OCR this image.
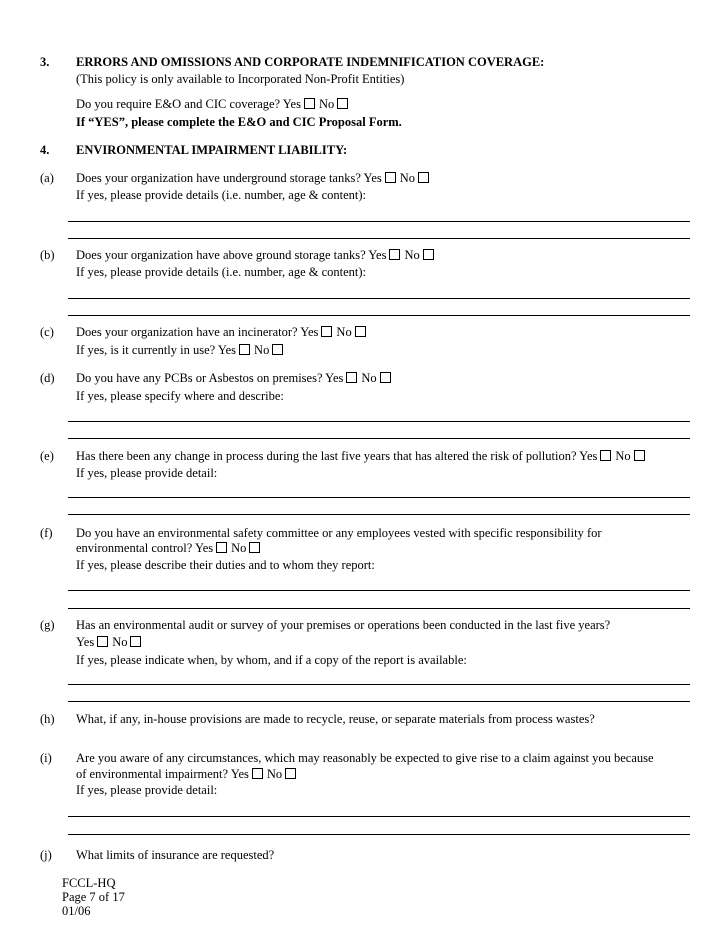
3. ERRORS AND OMISSIONS AND CORPORATE INDEMNIFICATION COVERAGE:
(This policy is only available to Incorporated Non-Profit Entities)
Do you require E&O and CIC coverage? Yes No
If “YES”, please complete the E&O and CIC Proposal Form.
4. ENVIRONMENTAL IMPAIRMENT LIABILITY:
(a) Does your organization have underground storage tanks? Yes No
If yes, please provide details (i.e. number, age & content):
(b) Does your organization have above ground storage tanks? Yes No
If yes, please provide details (i.e. number, age & content):
(c) Does your organization have an incinerator? Yes No
If yes, is it currently in use? Yes No
(d) Do you have any PCBs or Asbestos on premises? Yes No
If yes, please specify where and describe:
(e) Has there been any change in process during the last five years that has altered the risk of pollution? Yes No
If yes, please provide detail:
(f) Do you have an environmental safety committee or any employees vested with specific responsibility for
environmental control? Yes No
If yes, please describe their duties and to whom they report:
(g) Has an environmental audit or survey of your premises or operations been conducted in the last five years?
Yes No
If yes, please indicate when, by whom, and if a copy of the report is available:
(h) What, if any, in-house provisions are made to recycle, reuse, or separate materials from process wastes?
(i) Are you aware of any circumstances, which may reasonably be expected to give rise to a claim against you because
of environmental impairment? Yes No
If yes, please provide detail:
(j) What limits of insurance are requested?
FCCL-HQ
Page 7 of 17
01/06
